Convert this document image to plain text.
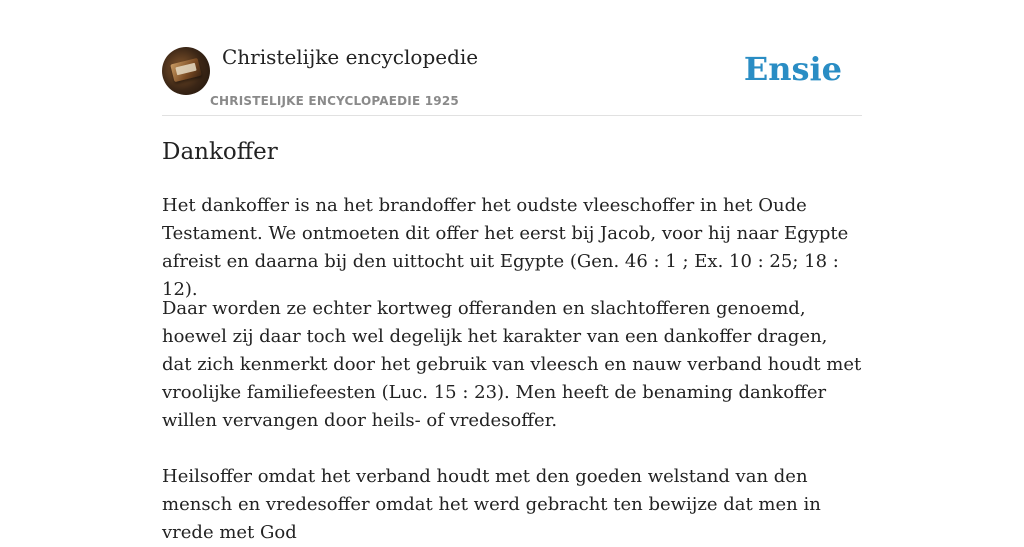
Christelijke encyclopedie
CHRISTELIJKE ENCYCLOPAEDIE 1925
Ensie
Dankoffer

Het dankoffer is na het brandoffer het oudste vleeschoffer in het Oude Testament. We ontmoeten dit offer het eerst bij Jacob, voor hij naar Egypte afreist en daarna bij den uittocht uit Egypte (Gen. 46 : 1 ; Ex. 10 : 25; 18 : 12).

Daar worden ze echter kortweg offeranden en slachtofferen genoemd, hoewel zij daar toch wel degelijk het karakter van een dankoffer dragen, dat zich kenmerkt door het gebruik van vleesch en nauw verband houdt met vroolijke familiefeesten (Luc. 15 : 23). Men heeft de benaming dankoffer willen vervangen door heils- of vredesoffer.

Heilsoffer omdat het verband houdt met den goeden welstand van den mensch en vredesoffer omdat het werd gebracht ten bewijze dat men in vrede met God
